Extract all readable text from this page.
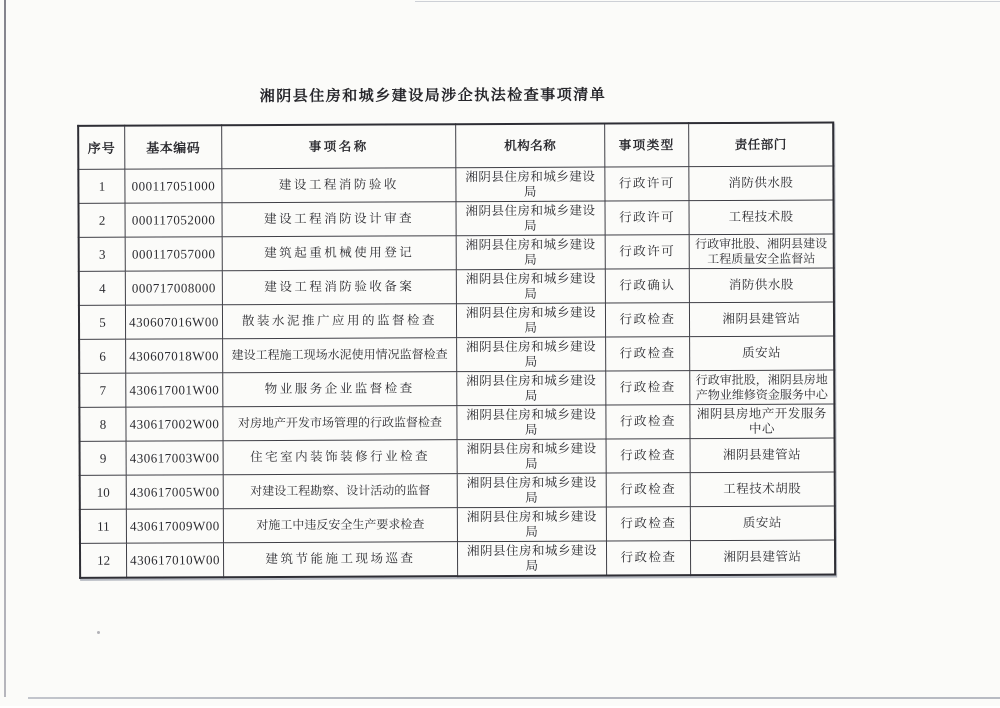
湘阴县住房和城乡建设局涉企执法检查事项清单
序号	基本编码	事项名称	机构名称	事项类型	责任部门
1	000117051000	建设工程消防验收	湘阴县住房和城乡建设局	行政许可	消防供水股
2	000117052000	建设工程消防设计审查	湘阴县住房和城乡建设局	行政许可	工程技术股
3	000117057000	建筑起重机械使用登记	湘阴县住房和城乡建设局	行政许可	行政审批股、湘阴县建设工程质量安全监督站
4	000717008000	建设工程消防验收备案	湘阴县住房和城乡建设局	行政确认	消防供水股
5	430607016W00	散装水泥推广应用的监督检查	湘阴县住房和城乡建设局	行政检查	湘阴县建管站
6	430607018W00	建设工程施工现场水泥使用情况监督检查	湘阴县住房和城乡建设局	行政检查	质安站
7	430617001W00	物业服务企业监督检查	湘阴县住房和城乡建设局	行政检查	行政审批股，湘阴县房地产物业维修资金服务中心
8	430617002W00	对房地产开发市场管理的行政监督检查	湘阴县住房和城乡建设局	行政检查	湘阴县房地产开发服务中心
9	430617003W00	住宅室内装饰装修行业检查	湘阴县住房和城乡建设局	行政检查	湘阴县建管站
10	430617005W00	对建设工程勘察、设计活动的监督	湘阴县住房和城乡建设局	行政检查	工程技术胡股
11	430617009W00	对施工中违反安全生产要求检查	湘阴县住房和城乡建设局	行政检查	质安站
12	430617010W00	建筑节能施工现场巡查	湘阴县住房和城乡建设局	行政检查	湘阴县建管站
